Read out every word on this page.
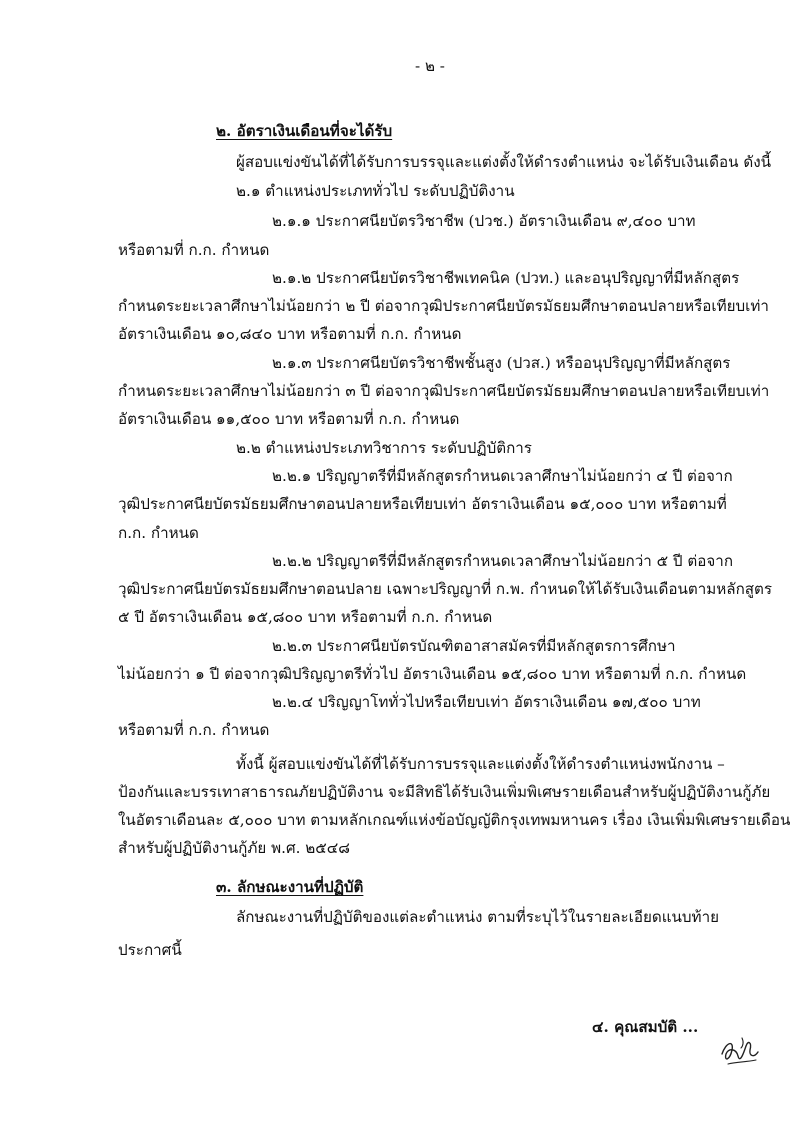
- ๒ -
๒. อัตราเงินเดือนที่จะได้รับ
ผู้สอบแข่งขันได้ที่ได้รับการบรรจุและแต่งตั้งให้ดำรงตำแหน่ง จะได้รับเงินเดือน ดังนี้
๒.๑ ตำแหน่งประเภททั่วไป ระดับปฏิบัติงาน
๒.๑.๑ ประกาศนียบัตรวิชาชีพ (ปวช.) อัตราเงินเดือน ๙,๔๐๐ บาท
หรือตามที่ ก.ก. กำหนด
๒.๑.๒ ประกาศนียบัตรวิชาชีพเทคนิค (ปวท.) และอนุปริญญาที่มีหลักสูตร
กำหนดระยะเวลาศึกษาไม่น้อยกว่า ๒ ปี ต่อจากวุฒิประกาศนียบัตรมัธยมศึกษาตอนปลายหรือเทียบเท่า
อัตราเงินเดือน ๑๐,๘๔๐ บาท หรือตามที่ ก.ก. กำหนด
๒.๑.๓ ประกาศนียบัตรวิชาชีพชั้นสูง (ปวส.) หรืออนุปริญญาที่มีหลักสูตร
กำหนดระยะเวลาศึกษาไม่น้อยกว่า ๓ ปี ต่อจากวุฒิประกาศนียบัตรมัธยมศึกษาตอนปลายหรือเทียบเท่า
อัตราเงินเดือน ๑๑,๕๐๐ บาท หรือตามที่ ก.ก. กำหนด
๒.๒ ตำแหน่งประเภทวิชาการ ระดับปฏิบัติการ
๒.๒.๑ ปริญญาตรีที่มีหลักสูตรกำหนดเวลาศึกษาไม่น้อยกว่า ๔ ปี ต่อจาก
วุฒิประกาศนียบัตรมัธยมศึกษาตอนปลายหรือเทียบเท่า อัตราเงินเดือน ๑๕,๐๐๐ บาท หรือตามที่
ก.ก. กำหนด
๒.๒.๒ ปริญญาตรีที่มีหลักสูตรกำหนดเวลาศึกษาไม่น้อยกว่า ๕ ปี ต่อจาก
วุฒิประกาศนียบัตรมัธยมศึกษาตอนปลาย เฉพาะปริญญาที่ ก.พ. กำหนดให้ได้รับเงินเดือนตามหลักสูตร
๕ ปี อัตราเงินเดือน ๑๕,๘๐๐ บาท หรือตามที่ ก.ก. กำหนด
๒.๒.๓ ประกาศนียบัตรบัณฑิตอาสาสมัครที่มีหลักสูตรการศึกษา
ไม่น้อยกว่า ๑ ปี ต่อจากวุฒิปริญญาตรีทั่วไป อัตราเงินเดือน ๑๕,๘๐๐ บาท หรือตามที่ ก.ก. กำหนด
๒.๒.๔ ปริญญาโททั่วไปหรือเทียบเท่า อัตราเงินเดือน ๑๗,๕๐๐ บาท
หรือตามที่ ก.ก. กำหนด
ทั้งนี้ ผู้สอบแข่งขันได้ที่ได้รับการบรรจุและแต่งตั้งให้ดำรงตำแหน่งพนักงาน –
ป้องกันและบรรเทาสาธารณภัยปฏิบัติงาน จะมีสิทธิได้รับเงินเพิ่มพิเศษรายเดือนสำหรับผู้ปฏิบัติงานกู้ภัย
ในอัตราเดือนละ ๕,๐๐๐ บาท ตามหลักเกณฑ์แห่งข้อบัญญัติกรุงเทพมหานคร เรื่อง เงินเพิ่มพิเศษรายเดือน
สำหรับผู้ปฏิบัติงานกู้ภัย พ.ศ. ๒๕๔๘
๓. ลักษณะงานที่ปฏิบัติ
ลักษณะงานที่ปฏิบัติของแต่ละตำแหน่ง ตามที่ระบุไว้ในรายละเอียดแนบท้าย
ประกาศนี้
๔. คุณสมบัติ ...
